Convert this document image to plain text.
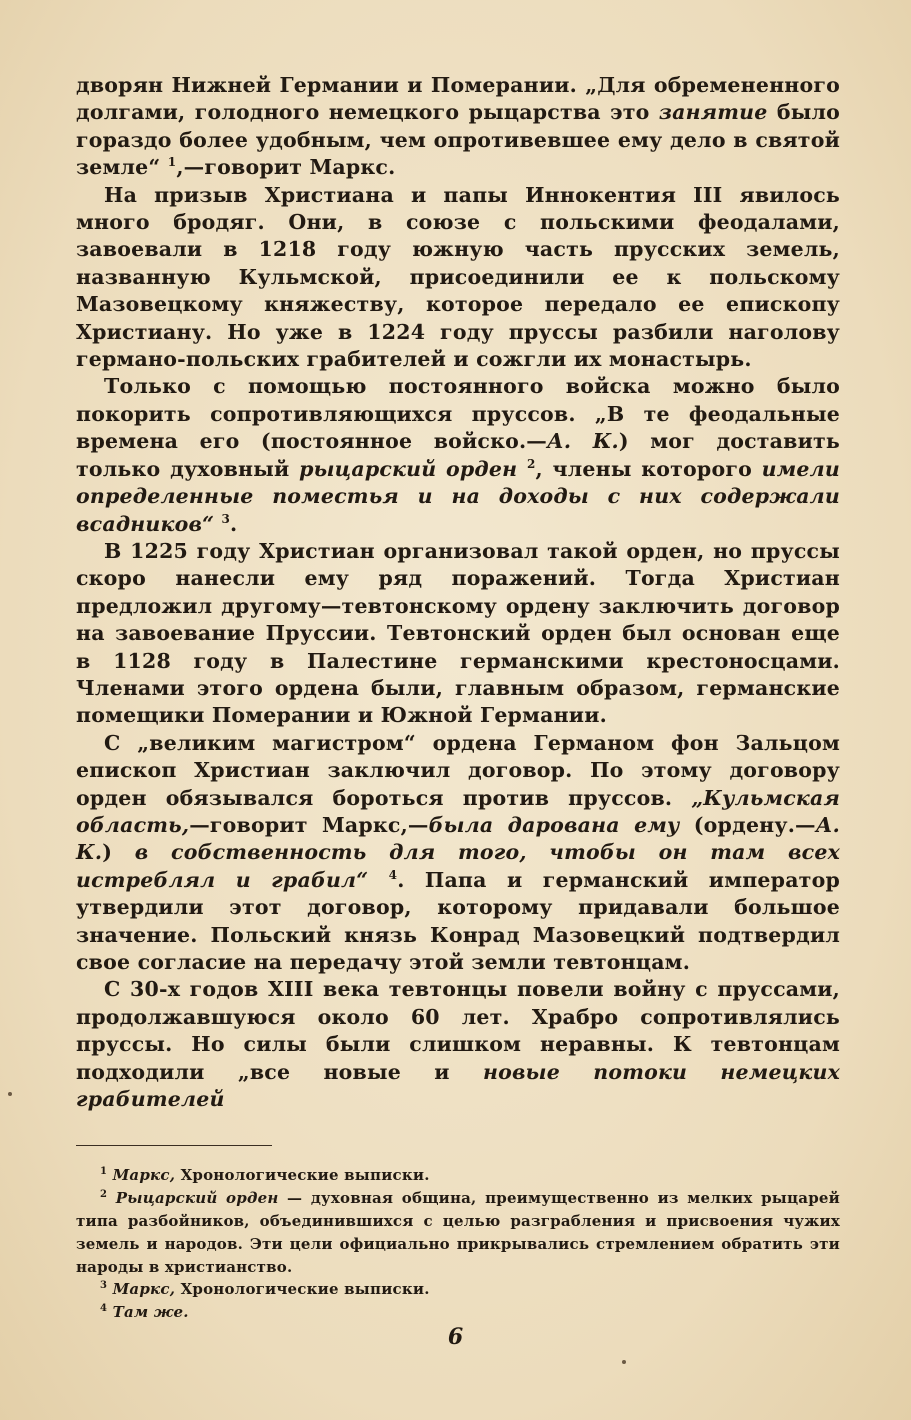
дворян Нижней Германии и Померании. „Для обремененного долгами, голодного немецкого рыцарства это занятие было гораздо более удобным, чем опротивевшее ему дело в святой земле“ $^1$,—говорит Маркс.

На призыв Христиана и папы Иннокентия III явилось много бродяг. Они, в союзе с польскими феодалами, завоевали в 1218 году южную часть прусских земель, названную Кульмской, присоединили ее к польскому Мазовецкому княжеству, которое передало ее епископу Христиану. Но уже в 1224 году пруссы разбили наголову германо-польских грабителей и сожгли их монастырь.

Только с помощью постоянного войска можно было покорить сопротивляющихся пруссов. „В те феодальные времена его (постоянное войско.—А. К.) мог доставить только духовный рыцарский орден $^2$, члены которого имели определенные поместья и на доходы с них содержали всадников“ $^3$.

В 1225 году Христиан организовал такой орден, но пруссы скоро нанесли ему ряд поражений. Тогда Христиан предложил другому—тевтонскому ордену заключить договор на завоевание Пруссии. Тевтонский орден был основан еще в 1128 году в Палестине германскими крестоносцами. Членами этого ордена были, главным образом, германские помещики Померании и Южной Германии.

С „великим магистром“ ордена Германом фон Зальцом епископ Христиан заключил договор. По этому договору орден обязывался бороться против пруссов. „Кульмская область,—говорит Маркс,—была дарована ему (ордену.—А. К.) в собственность для того, чтобы он там всех истреблял и грабил“ $^4$. Папа и германский император утвердили этот договор, которому придавали большое значение. Польский князь Конрад Мазовецкий подтвердил свое согласие на передачу этой земли тевтонцам.

С 30-х годов XIII века тевтонцы повели войну с пруссами, продолжавшуюся около 60 лет. Храбро сопротивлялись пруссы. Но силы были слишком неравны. К тевтонцам подходили „все новые и новые потоки немецких грабителей

$^1$ Маркс, Хронологические выписки.

$^2$ Рыцарский орден — духовная община, преимущественно из мелких рыцарей типа разбойников, объединившихся с целью разграбления и присвоения чужих земель и народов. Эти цели официально прикрывались стремлением обратить эти народы в христианство.

$^3$ Маркс, Хронологические выписки.

$^4$ Там же.

6
